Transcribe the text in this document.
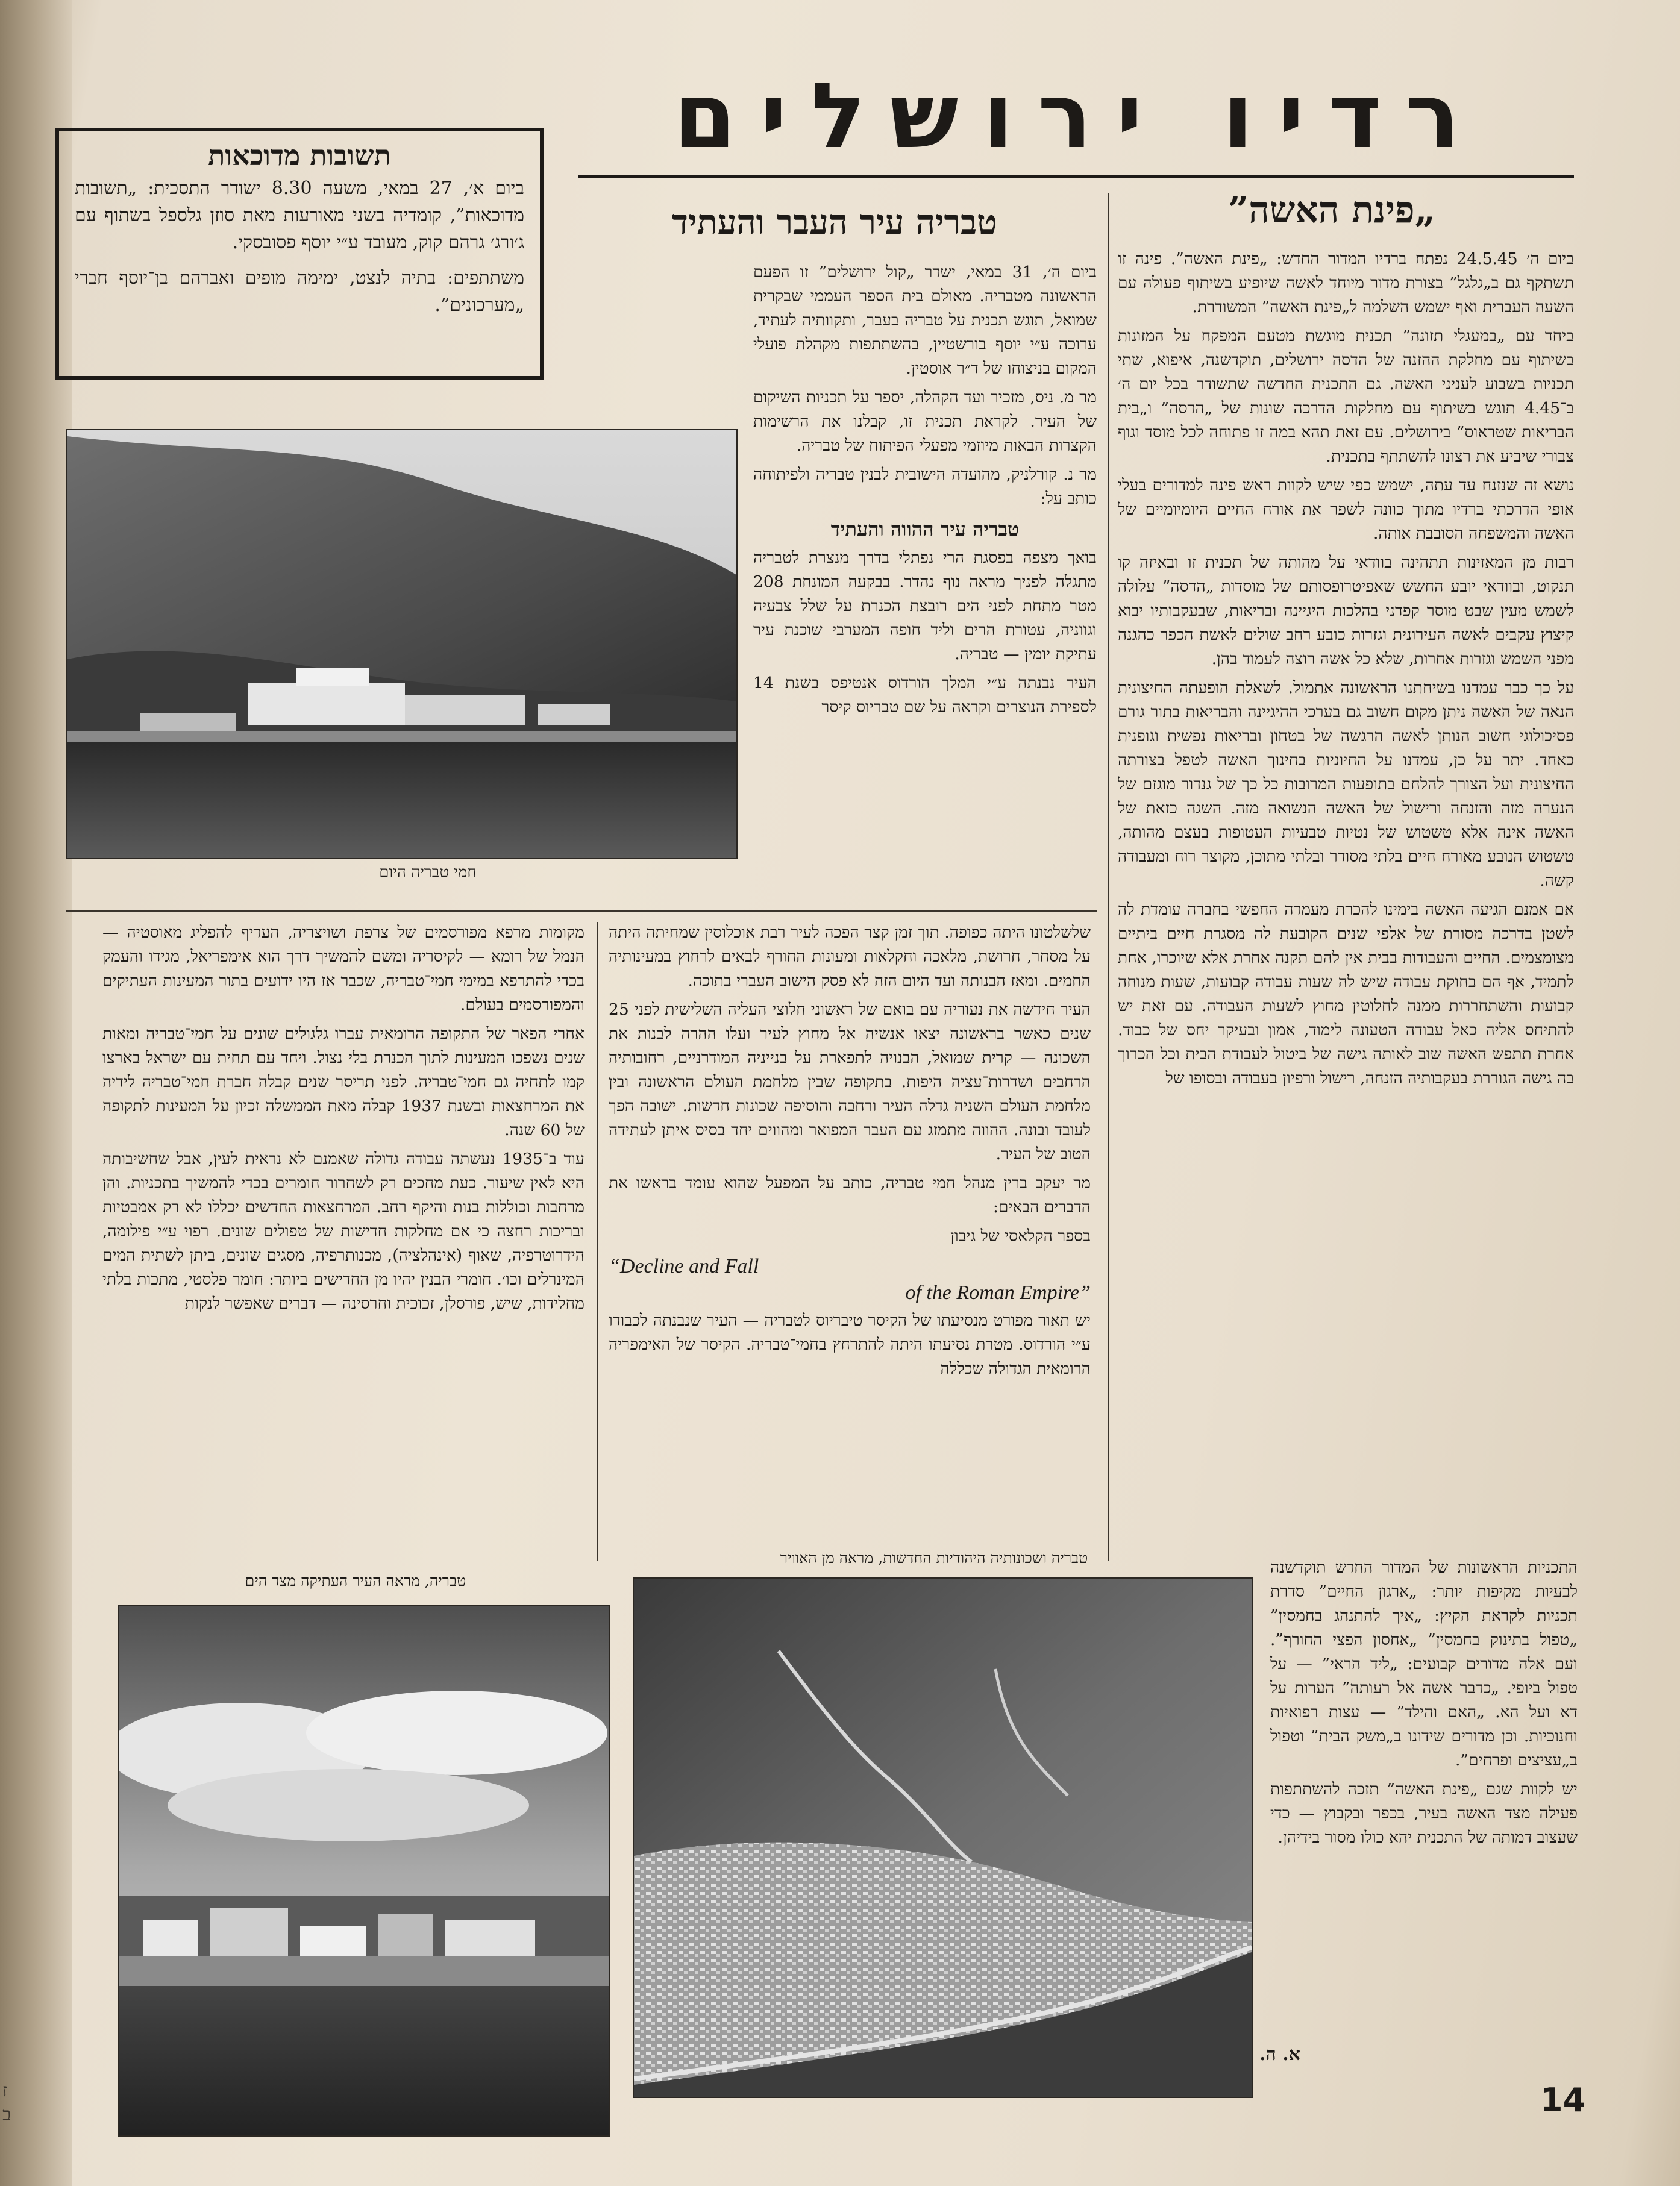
ז
ב
רדיו ירושלים
תשובות מדוכאות
ביום א׳, 27 במאי, משעה 8.30 ישודר התסכית: „תשובות מדוכאות”, קומדיה בשני מאורעות מאת סוזן גלספל בשתוף עם ג׳ורג׳ גרהם קוק, מעובד ע״י יוסף פסובסקי.
משתתפים: בתיה לנצט, ימימה מופים ואברהם בן־יוסף חברי „מערכונים”.
„פינת האשה”

ביום ה׳ 24.5.45 נפתח ברדיו המדור החדש: „פינת האשה”. פינה זו תשתקף גם ב„גלגל” בצורת מדור מיוחד לאשה שיופיע בשיתוף פעולה עם השעה העברית ואף ישמש השלמה ל„פינת האשה” המשודרת.

ביחד עם „במעגלי תזונה” תכנית מוגשת מטעם המפקח על המזונות בשיתוף עם מחלקת ההזנה של הדסה ירושלים, תוקדשנה, איפוא, שתי תכניות בשבוע לעניני האשה. גם התכנית החדשה שתשודר בכל יום ה׳ ב־4.45 תוגש בשיתוף עם מחלקות הדרכה שונות של „הדסה” ו„בית הבריאות שטראוס” בירושלים. עם זאת תהא במה זו פתוחה לכל מוסד וגוף צבורי שיביע את רצונו להשתתף בתכנית.

נושא זה שנזנח עד עתה, ישמש כפי שיש לקוות ראש פינה למדורים בעלי אופי הדרכתי ברדיו מתוך כוונה לשפר את אורח החיים היומיומיים של האשה והמשפחה הסובבת אותה.

רבות מן המאזינות תתהינה בוודאי על מהותה של תכנית זו ובאיזה קו תנקוט, ובוודאי יובע החשש שאפיטרופסותם של מוסדות „הדסה” עלולה לשמש מעין שבט מוסר קפדני בהלכות היגיינה ובריאות, שבעקבותיו יבוא קיצוץ עקבים לאשה העירונית וגזרות כובע רחב שולים לאשת הכפר כהגנה מפני השמש וגזרות אחרות, שלא כל אשה רוצה לעמוד בהן.

על כך כבר עמדנו בשיחתנו הראשונה אתמול. לשאלת הופעתה החיצונית הנאה של האשה ניתן מקום חשוב גם בערכי ההיגיינה והבריאות בתור גורם פסיכולוגי חשוב הנותן לאשה הרגשה של בטחון ובריאות נפשית וגופנית כאחד. יתר על כן, עמדנו על החיוניות בחינוך האשה לטפל בצורתה החיצונית ועל הצורך להלחם בתופעות המרובות כל כך של גנדור מוגזם של הנערה מזה והזנחה ורישול של האשה הנשואה מזה. השגה כזאת של האשה אינה אלא טשטוש של נטיות טבעיות העטופות בעצם מהותה, טשטוש הנובע מאורח חיים בלתי מסודר ובלתי מתוכן, מקוצר רוח ומעבודה קשה.

אם אמנם הגיעה האשה בימינו להכרת מעמדה החפשי בחברה עומדת לה לשטן בדרכה מסורת של אלפי שנים הקובעת לה מסגרת חיים ביתיים מצומצמים. החיים והעבודות בבית אין להם תקנה אחרת אלא שיוכרו, אחת לתמיד, אף הם בחוקת עבודה שיש לה שעות עבודה קבועות, שעות מנוחה קבועות והשתחררות ממנה לחלוטין מחוץ לשעות העבודה. עם זאת יש להתיחס אליה כאל עבודה הטעונה לימוד, אמון ובעיקר יחס של כבוד. אחרת תתפש האשה שוב לאותה גישה של ביטול לעבודת הבית וכל הכרוך בה גישה הגוררת בעקבותיה הזנחה, רישול ורפיון בעבודה ובסופו של

טבריה עיר העבר והעתיד

ביום ה׳, 31 במאי, ישדר „קול ירושלים” זו הפעם הראשונה מטבריה. מאולם בית הספר העממי שבקרית שמואל, תוגש תכנית על טבריה בעבר, ותקוותיה לעתיד, ערוכה ע״י יוסף בורשטיין, בהשתתפות מקהלת פועלי המקום בניצוחו של ד״ר אוסטין.

מר מ. ניס, מזכיר ועד הקהלה, יספר על תכניות השיקום של העיר. לקראת תכנית זו, קבלנו את הרשימות הקצרות הבאות מיוזמי מפעלי הפיתוח של טבריה.

מר נ. קורלניק, מהועדה הישובית לבנין טבריה ולפיתוחה כותב על:

טבריה עיר ההווה והעתיד

בואך מצפה בפסגת הרי נפתלי בדרך מנצרת לטבריה מתגלה לפניך מראה נוף נהדר. בבקעה המונחת 208 מטר מתחת לפני הים רובצת הכנרת על שלל צבעיה וגווניה, עטורת הרים וליד חופה המערבי שוכנת עיר עתיקת יומין — טבריה.

העיר נבנתה ע״י המלך הורדוס אנטיפס בשנת 14 לספירת הנוצרים וקראה על שם טבריוס קיסר

חמי טבריה היום

שלשלטונו היתה כפופה. תוך זמן קצר הפכה לעיר רבת אוכלוסין שמחיתה היתה על מסחר, חרושת, מלאכה וחקלאות ומעונות החורף לבאים לרחוץ במעינותיה החמים. ומאז הבנותה ועד היום הזה לא פסק הישוב העברי בתוכה.

העיר חידשה את נעוריה עם בואם של ראשוני חלוצי העליה השלישית לפני 25 שנים כאשר בראשונה יצאו אנשיה אל מחוץ לעיר ועלו ההרה לבנות את השכונה — קרית שמואל, הבנויה לתפארת על בנייניה המודרניים, רחובותיה הרחבים ושדרות־עציה היפות. בתקופה שבין מלחמת העולם הראשונה ובין מלחמת העולם השניה גדלה העיר ורחבה והוסיפה שכונות חדשות. ישובה הפך לעובד ובונה. ההווה מתמזג עם העבר המפואר ומהווים יחד בסיס איתן לעתידה הטוב של העיר.

מר יעקב ברין מנהל חמי טבריה, כותב על המפעל שהוא עומד בראשו את הדברים הבאים:

בספר הקלאסי של גיבון

“Decline and Fall
of the Roman Empire”

יש תאור מפורט מנסיעתו של הקיסר טיבריוס לטבריה — העיר שנבנתה לכבודו ע״י הורדוס. מטרת נסיעתו היתה להתרחץ בחמי־טבריה. הקיסר של האימפריה הרומאית הגדולה שכללה

מקומות מרפא מפורסמים של צרפת ושויצריה, העדיף להפליג מאוסטיה — הנמל של רומא — לקיסריה ומשם להמשיך דרך הוא אימפריאל, מגידו והעמק בכדי להתרפא במימי חמי־טבריה, שכבר אז היו ידועים בתור המעינות העתיקים והמפורסמים בעולם.

אחרי הפאר של התקופה הרומאית עברו גלגולים שונים על חמי־טבריה ומאות שנים נשפכו המעינות לתוך הכנרת בלי נצול. ויחד עם תחית עם ישראל בארצו קמו לתחיה גם חמי־טבריה. לפני תריסר שנים קבלה חברת חמי־טבריה לידיה את המרחצאות ובשנת 1937 קבלה מאת הממשלה זכיון על המעינות לתקופה של 60 שנה.

עוד ב־1935 נעשתה עבודה גדולה שאמנם לא נראית לעין, אבל שחשיבותה היא לאין שיעור. כעת מחכים רק לשחרור חומרים בכדי להמשיך בתכניות. והן מרחבות וכוללות בנות והיקף רחב. המרחצאות החדשים יכללו לא רק אמבטיות ובריכות רחצה כי אם מחלקות חדישות של טפולים שונים. רפוי ע״י פילומה, הידרוטרפיה, שאוף (אינהלציה), מכנותרפיה, מסגים שונים, ביתן לשתית המים המינרלים וכו׳. חומרי הבנין יהיו מן החדישים ביותר: חומר פלסטי, מתכות בלתי מחלידות, שיש, פורסלן, זכוכית וחרסינה — דברים שאפשר לנקות

טבריה ושכונותיה היהודיות החדשות, מראה מן האוויר
טבריה, מראה העיר העתיקה מצד הים

התכניות הראשונות של המדור החדש תוקדשנה לבעיות מקיפות יותר: „ארגון החיים” סדרת תכניות לקראת הקיץ: „איך להתנהג בחמסין” „טפול בתינוק בחמסין” „אחסון הפצי החורף”. ועם אלה מדורים קבועים: „ליד הראי” — על טפול ביופי. „כדבר אשה אל רעותה” הערות על דא ועל הא. „האם והילד” — עצות רפואיות וחנוכיות. וכן מדורים שידונו ב„משק הבית” וטפול ב„עציצים ופרחים”.

יש לקוות שגם „פינת האשה” תזכה להשתתפות פעילה מצד האשה בעיר, בכפר ובקבוץ — כדי שעצוב דמותה של התכנית יהא כולו מסור בידיהן.

א. ה.
14
